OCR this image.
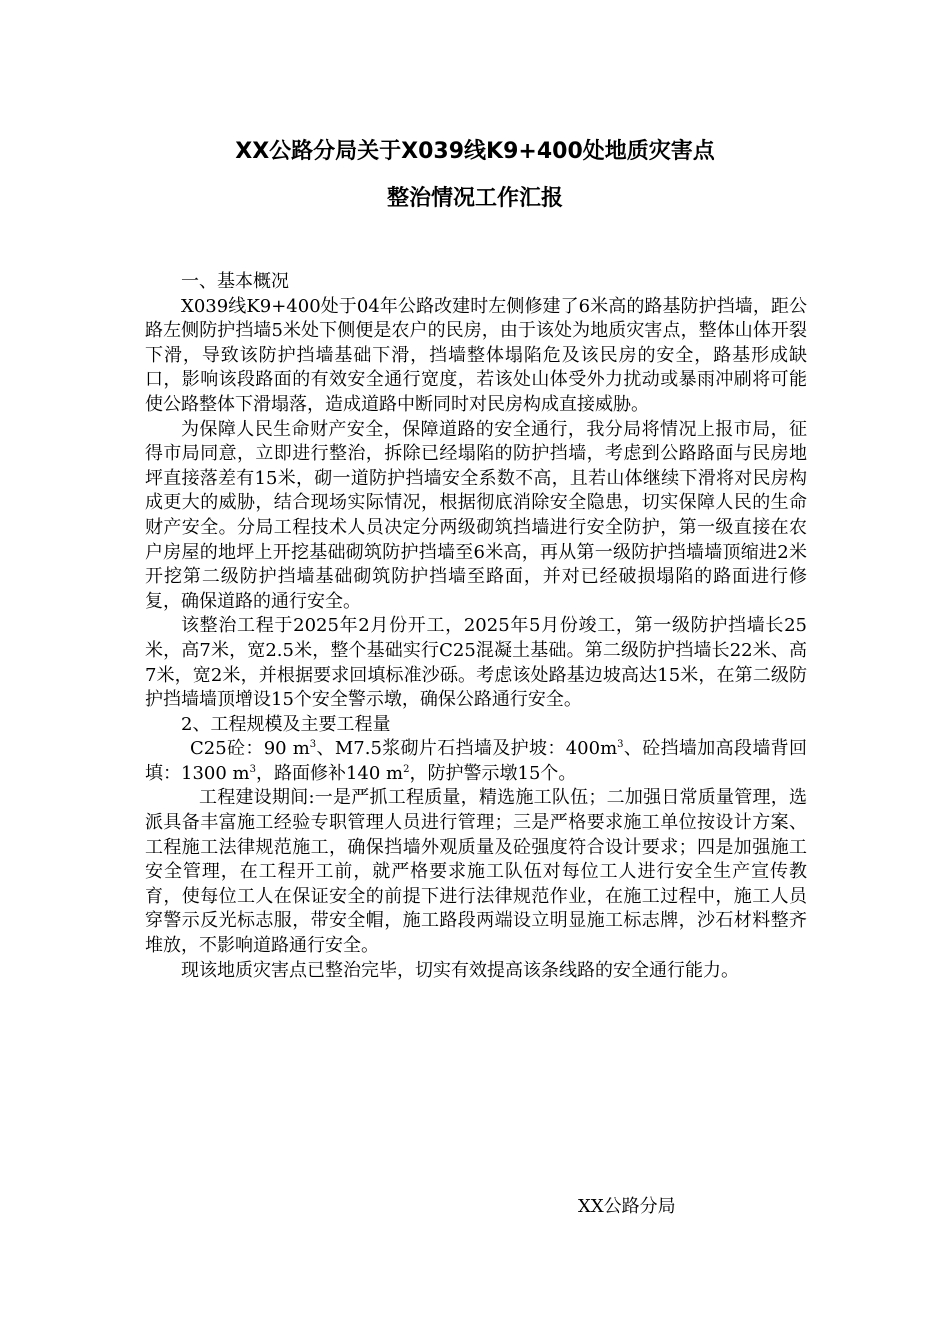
XX公路分局关于X039线K9+400处地质灾害点
整治情况工作汇报

一、基本概况

X039线K9+400处于04年公路改建时左侧修建了6米高的路基防护挡墙，距公路左侧防护挡墙5米处下侧便是农户的民房，由于该处为地质灾害点，整体山体开裂下滑，导致该防护挡墙基础下滑，挡墙整体塌陷危及该民房的安全，路基形成缺口，影响该段路面的有效安全通行宽度，若该处山体受外力扰动或暴雨冲刷将可能使公路整体下滑塌落，造成道路中断同时对民房构成直接威胁。

为保障人民生命财产安全，保障道路的安全通行，我分局将情况上报市局，征得市局同意，立即进行整治，拆除已经塌陷的防护挡墙，考虑到公路路面与民房地坪直接落差有15米，砌一道防护挡墙安全系数不高，且若山体继续下滑将对民房构成更大的威胁，结合现场实际情况，根据彻底消除安全隐患，切实保障人民的生命财产安全。分局工程技术人员决定分两级砌筑挡墙进行安全防护，第一级直接在农户房屋的地坪上开挖基础砌筑防护挡墙至6米高，再从第一级防护挡墙墙顶缩进2米开挖第二级防护挡墙基础砌筑防护挡墙至路面，并对已经破损塌陷的路面进行修复，确保道路的通行安全。

该整治工程于2025年2月份开工，2025年5月份竣工，第一级防护挡墙长25米，高7米，宽2.5米，整个基础实行C25混凝土基础。第二级防护挡墙长22米、高7米，宽2米，并根据要求回填标准沙砾。考虑该处路基边坡高达15米，在第二级防护挡墙墙顶增设15个安全警示墩，确保公路通行安全。

2、工程规模及主要工程量

C25砼：90 $m^3$、M7.5浆砌片石挡墙及护坡：$400m^3$、砼挡墙加高段墙背回填：1300 $m^3$，路面修补140 $m^2$，防护警示墩15个。

工程建设期间:一是严抓工程质量，精选施工队伍；二加强日常质量管理，选派具备丰富施工经验专职管理人员进行管理；三是严格要求施工单位按设计方案、工程施工法律规范施工，确保挡墙外观质量及砼强度符合设计要求；四是加强施工安全管理，在工程开工前，就严格要求施工队伍对每位工人进行安全生产宣传教育，使每位工人在保证安全的前提下进行法律规范作业，在施工过程中，施工人员穿警示反光标志服，带安全帽，施工路段两端设立明显施工标志牌，沙石材料整齐堆放，不影响道路通行安全。

现该地质灾害点已整治完毕，切实有效提高该条线路的安全通行能力。

XX公路分局
